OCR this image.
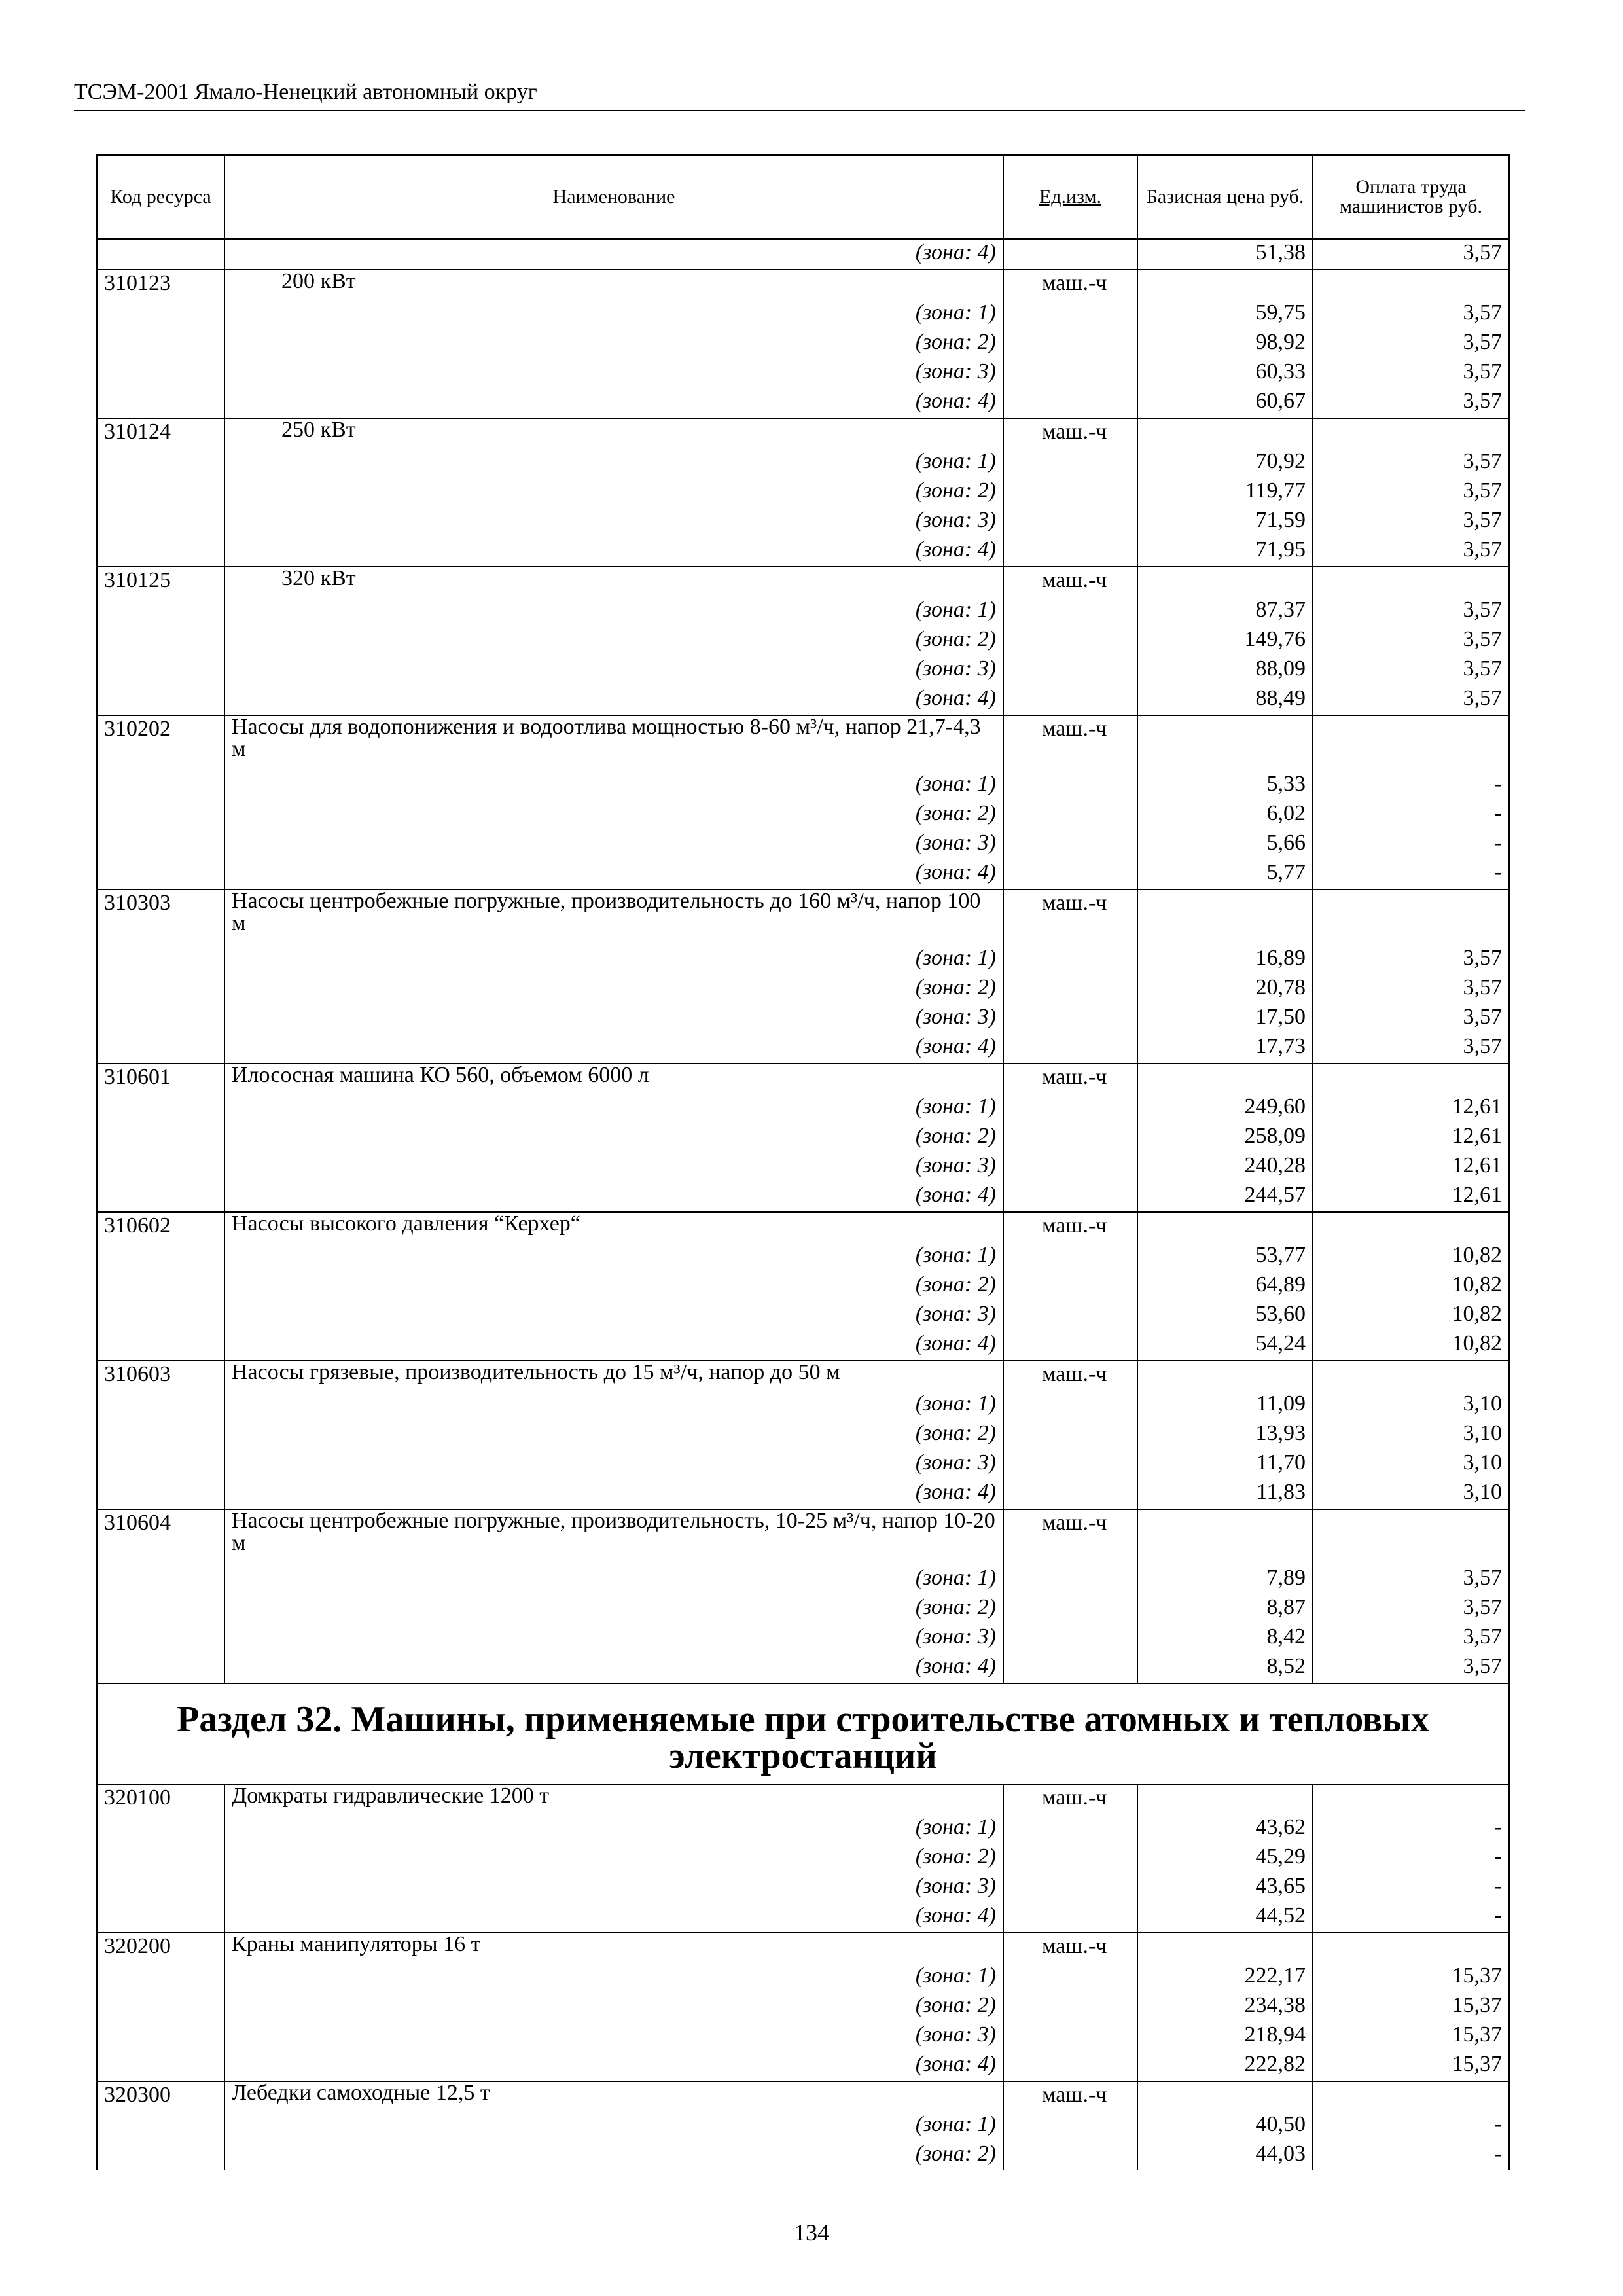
ТСЭМ-2001 Ямало-Ненецкий автономный округ
Код ресурса	Наименование	Ед.изм.	Базисная цена руб.	Оплата труда машинистов руб.
	(зона: 4)		51,38	3,57
310123	200 кВт	маш.-ч		
	(зона: 1)		59,75	3,57
	(зона: 2)		98,92	3,57
	(зона: 3)		60,33	3,57
	(зона: 4)		60,67	3,57
310124	250 кВт	маш.-ч		
	(зона: 1)		70,92	3,57
	(зона: 2)		119,77	3,57
	(зона: 3)		71,59	3,57
	(зона: 4)		71,95	3,57
310125	320 кВт	маш.-ч		
	(зона: 1)		87,37	3,57
	(зона: 2)		149,76	3,57
	(зона: 3)		88,09	3,57
	(зона: 4)		88,49	3,57
310202	Насосы для водопонижения и водоотлива мощностью 8-60 м³/ч, напор 21,7-4,3 м	маш.-ч		
	(зона: 1)		5,33	-
	(зона: 2)		6,02	-
	(зона: 3)		5,66	-
	(зона: 4)		5,77	-
310303	Насосы центробежные погружные, производительность до 160 м³/ч, напор 100 м	маш.-ч		
	(зона: 1)		16,89	3,57
	(зона: 2)		20,78	3,57
	(зона: 3)		17,50	3,57
	(зона: 4)		17,73	3,57
310601	Илососная машина КО 560, объемом 6000 л	маш.-ч		
	(зона: 1)		249,60	12,61
	(зона: 2)		258,09	12,61
	(зона: 3)		240,28	12,61
	(зона: 4)		244,57	12,61
310602	Насосы высокого давления “Керхер“	маш.-ч		
	(зона: 1)		53,77	10,82
	(зона: 2)		64,89	10,82
	(зона: 3)		53,60	10,82
	(зона: 4)		54,24	10,82
310603	Насосы грязевые, производительность до 15 м³/ч, напор до 50 м	маш.-ч		
	(зона: 1)		11,09	3,10
	(зона: 2)		13,93	3,10
	(зона: 3)		11,70	3,10
	(зона: 4)		11,83	3,10
310604	Насосы центробежные погружные, производительность, 10-25 м³/ч, напор 10-20 м	маш.-ч		
	(зона: 1)		7,89	3,57
	(зона: 2)		8,87	3,57
	(зона: 3)		8,42	3,57
	(зона: 4)		8,52	3,57
Раздел 32. Машины, применяемые при строительстве атомных и тепловых электростанций				
320100	Домкраты гидравлические 1200 т	маш.-ч		
	(зона: 1)		43,62	-
	(зона: 2)		45,29	-
	(зона: 3)		43,65	-
	(зона: 4)		44,52	-
320200	Краны манипуляторы 16 т	маш.-ч		
	(зона: 1)		222,17	15,37
	(зона: 2)		234,38	15,37
	(зона: 3)		218,94	15,37
	(зона: 4)		222,82	15,37
320300	Лебедки самоходные 12,5 т	маш.-ч		
	(зона: 1)		40,50	-
	(зона: 2)		44,03	-
134
